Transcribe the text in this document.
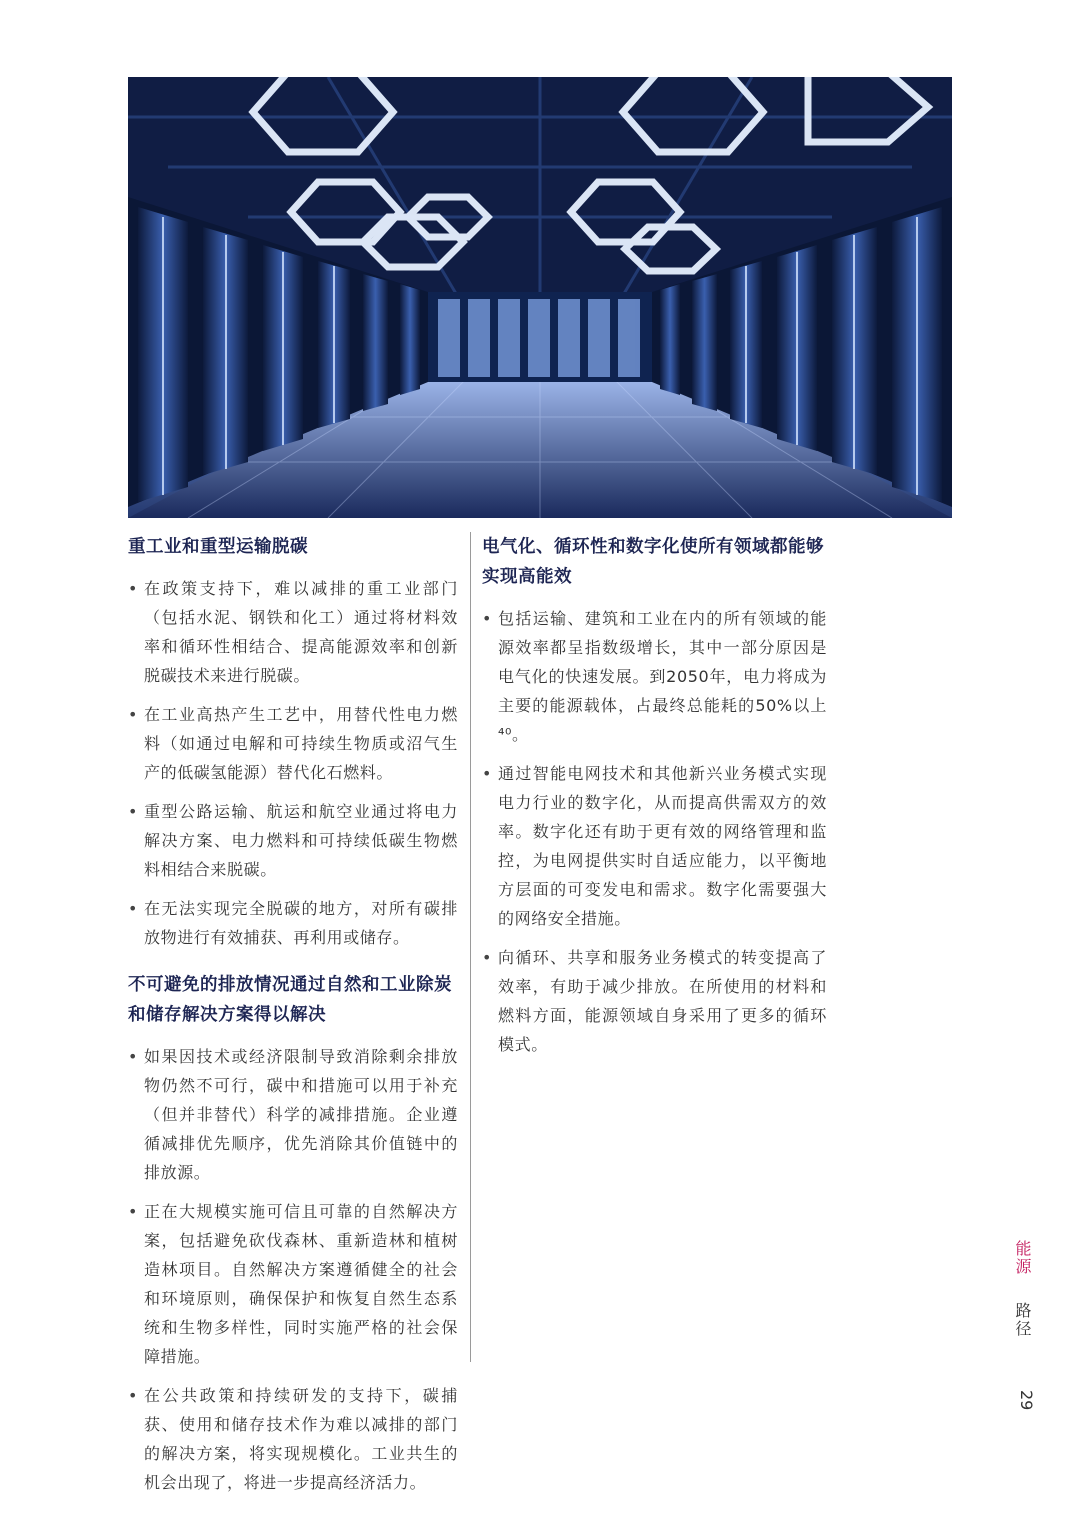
重工业和重型运输脱碳
• 在政策支持下，难以减排的重工业部门（包括水泥、钢铁和化工）通过将材料效率和循环性相结合、提高能源效率和创新脱碳技术来进行脱碳。
• 在工业高热产生工艺中，用替代性电力燃料（如通过电解和可持续生物质或沼气生产的低碳氢能源）替代化石燃料。
• 重型公路运输、航运和航空业通过将电力解决方案、电力燃料和可持续低碳生物燃料相结合来脱碳。
• 在无法实现完全脱碳的地方，对所有碳排放物进行有效捕获、再利用或储存。
不可避免的排放情况通过自然和工业除炭和储存解决方案得以解决
• 如果因技术或经济限制导致消除剩余排放物仍然不可行，碳中和措施可以用于补充（但并非替代）科学的减排措施。企业遵循减排优先顺序，优先消除其价值链中的排放源。
• 正在大规模实施可信且可靠的自然解决方案，包括避免砍伐森林、重新造林和植树造林项目。自然解决方案遵循健全的社会和环境原则，确保保护和恢复自然生态系统和生物多样性，同时实施严格的社会保障措施。
• 在公共政策和持续研发的支持下，碳捕获、使用和储存技术作为难以减排的部门的解决方案，将实现规模化。工业共生的机会出现了，将进一步提高经济活力。
电气化、循环性和数字化使所有领域都能够实现高能效
• 包括运输、建筑和工业在内的所有领域的能源效率都呈指数级增长，其中一部分原因是电气化的快速发展。到2050年，电力将成为主要的能源载体，占最终总能耗的50%以上⁴⁰。
• 通过智能电网技术和其他新兴业务模式实现电力行业的数字化，从而提高供需双方的效率。数字化还有助于更有效的网络管理和监控，为电网提供实时自适应能力，以平衡地方层面的可变发电和需求。数字化需要强大的网络安全措施。
• 向循环、共享和服务业务模式的转变提高了效率，有助于减少排放。在所使用的材料和燃料方面，能源领域自身采用了更多的循环模式。
能源
路径
29
